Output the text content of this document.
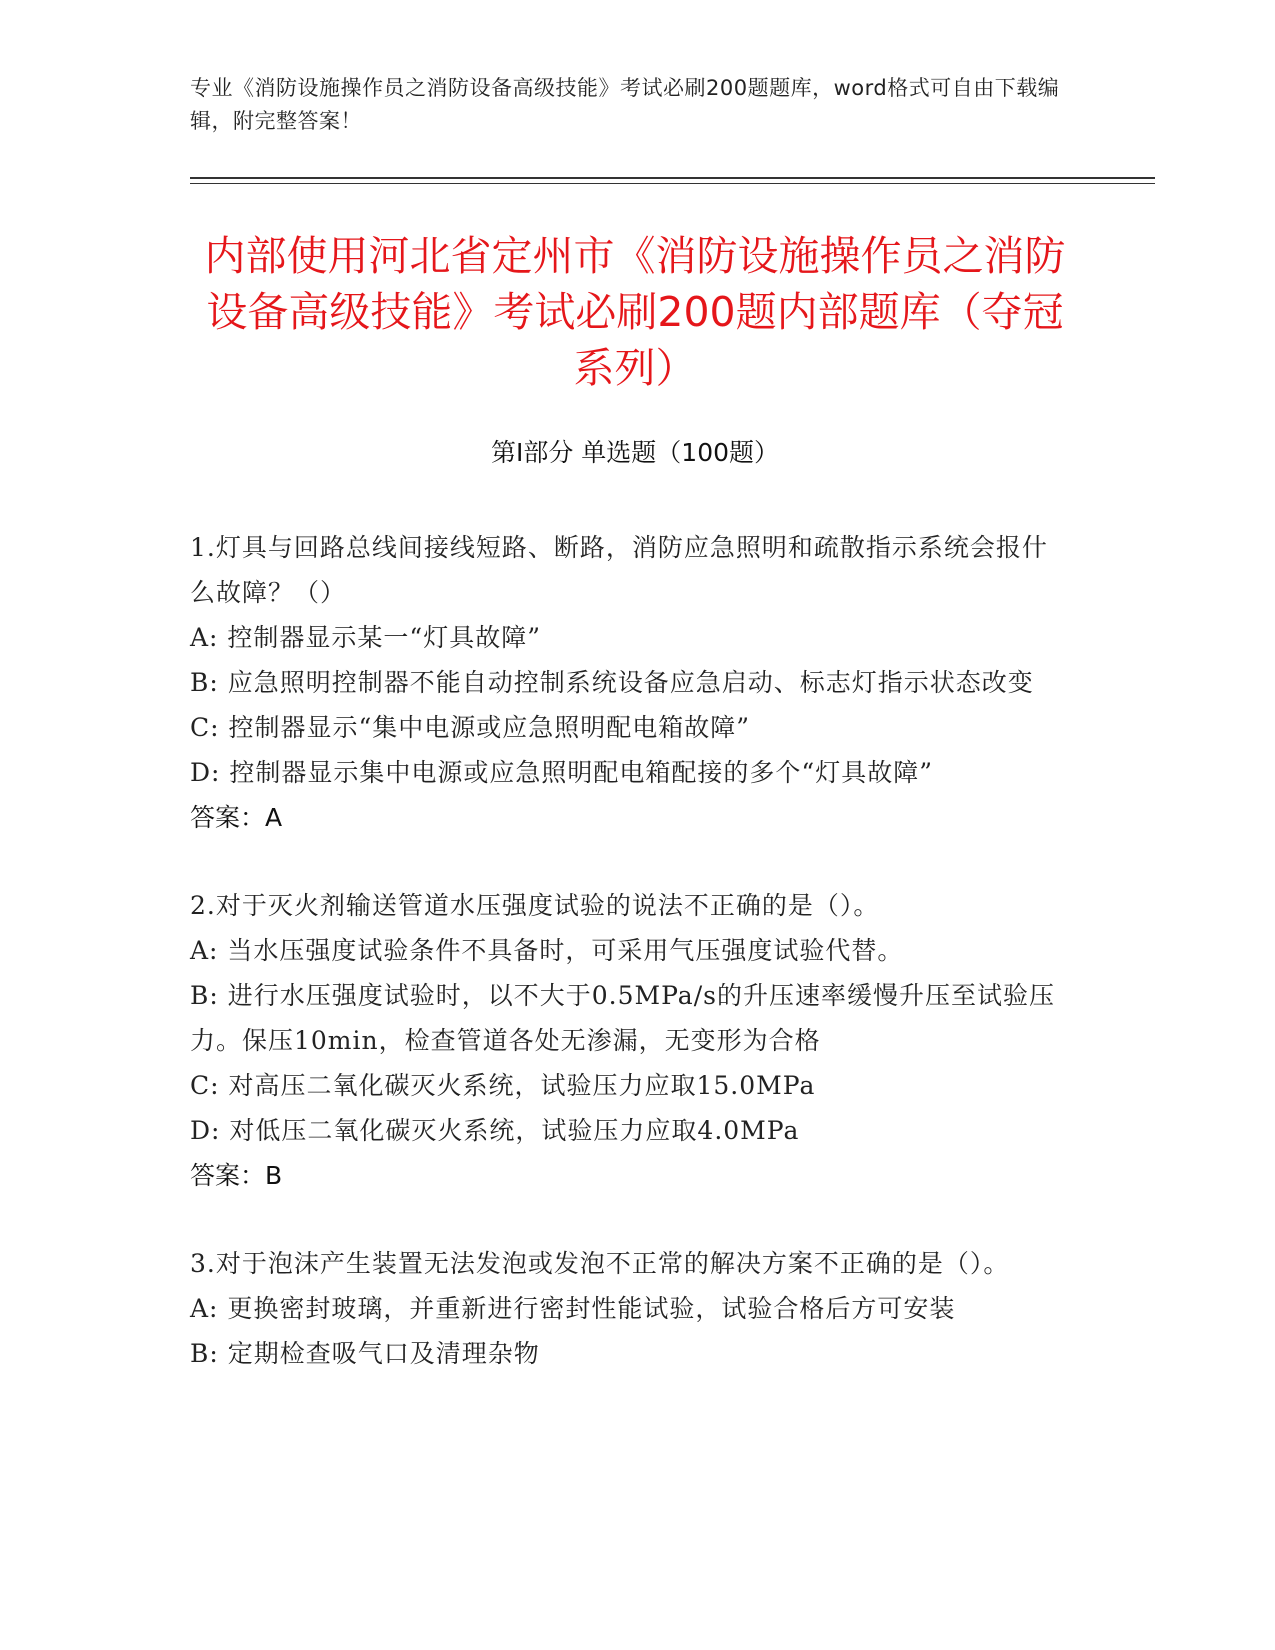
专业《消防设施操作员之消防设备高级技能》考试必刷200题题库，word格式可自由下载编辑，附完整答案！
内部使用河北省定州市《消防设施操作员之消防设备高级技能》考试必刷200题内部题库（夺冠系列）
第Ⅰ部分 单选题（100题）
1.灯具与回路总线间接线短路、断路，消防应急照明和疏散指示系统会报什么故障？（）
A: 控制器显示某一“灯具故障”
B: 应急照明控制器不能自动控制系统设备应急启动、标志灯指示状态改变
C: 控制器显示“集中电源或应急照明配电箱故障”
D: 控制器显示集中电源或应急照明配电箱配接的多个“灯具故障”
答案：A
2.对于灭火剂输送管道水压强度试验的说法不正确的是（）。
A: 当水压强度试验条件不具备时，可采用气压强度试验代替。
B: 进行水压强度试验时，以不大于0.5MPa/s的升压速率缓慢升压至试验压力。保压10min，检查管道各处无渗漏，无变形为合格
C: 对高压二氧化碳灭火系统，试验压力应取15.0MPa
D: 对低压二氧化碳灭火系统，试验压力应取4.0MPa
答案：B
3.对于泡沫产生装置无法发泡或发泡不正常的解决方案不正确的是（）。
A: 更换密封玻璃，并重新进行密封性能试验，试验合格后方可安装
B: 定期检查吸气口及清理杂物
